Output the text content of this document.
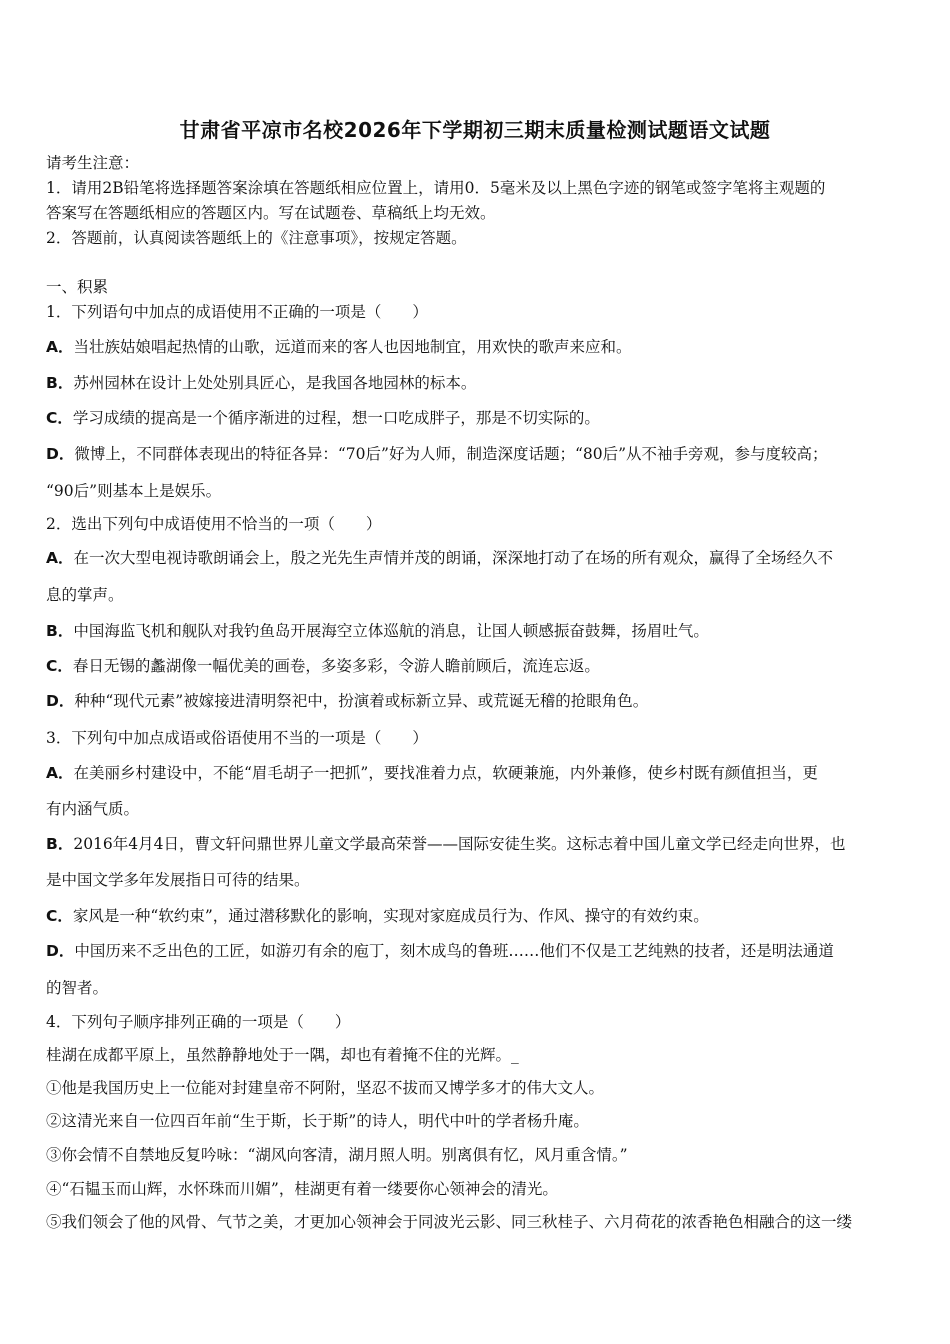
甘肃省平凉市名校2026年下学期初三期末质量检测试题语文试题
请考生注意：
1．请用2B铅笔将选择题答案涂填在答题纸相应位置上，请用0．5毫米及以上黑色字迹的钢笔或签字笔将主观题的
答案写在答题纸相应的答题区内。写在试题卷、草稿纸上均无效。
2．答题前，认真阅读答题纸上的《注意事项》，按规定答题。
一、积累
1．下列语句中加点的成语使用不正确的一项是（　　）
A．当壮族姑娘唱起热情的山歌，远道而来的客人也因地制宜，用欢快的歌声来应和。
B．苏州园林在设计上处处别具匠心，是我国各地园林的标本。
C．学习成绩的提高是一个循序渐进的过程，想一口吃成胖子，那是不切实际的。
D．微博上，不同群体表现出的特征各异：“70后”好为人师，制造深度话题；“80后”从不袖手旁观，参与度较高；
“90后”则基本上是娱乐。
2．选出下列句中成语使用不恰当的一项（　　）
A．在一次大型电视诗歌朗诵会上，殷之光先生声情并茂的朗诵，深深地打动了在场的所有观众，赢得了全场经久不
息的掌声。
B．中国海监飞机和舰队对我钓鱼岛开展海空立体巡航的消息，让国人顿感振奋鼓舞，扬眉吐气。
C．春日无锡的蠡湖像一幅优美的画卷，多姿多彩，令游人瞻前顾后，流连忘返。
D．种种“现代元素”被嫁接进清明祭祀中，扮演着或标新立异、或荒诞无稽的抢眼角色。
3．下列句中加点成语或俗语使用不当的一项是（　　）
A．在美丽乡村建设中，不能“眉毛胡子一把抓”，要找准着力点，软硬兼施，内外兼修，使乡村既有颜值担当，更
有内涵气质。
B．2016年4月4日，曹文轩问鼎世界儿童文学最高荣誉——国际安徒生奖。这标志着中国儿童文学已经走向世界，也
是中国文学多年发展指日可待的结果。
C．家风是一种“软约束”，通过潜移默化的影响，实现对家庭成员行为、作风、操守的有效约束。
D．中国历来不乏出色的工匠，如游刃有余的庖丁，刻木成鸟的鲁班……他们不仅是工艺纯熟的技者，还是明法通道
的智者。
4．下列句子顺序排列正确的一项是（　　）
桂湖在成都平原上，虽然静静地处于一隅，却也有着掩不住的光辉。_
①他是我国历史上一位能对封建皇帝不阿附，坚忍不拔而又博学多才的伟大文人。
②这清光来自一位四百年前“生于斯，长于斯”的诗人，明代中叶的学者杨升庵。
③你会情不自禁地反复吟咏：“湖风向客清，湖月照人明。别离俱有忆，风月重含情。”
④“石韫玉而山辉，水怀珠而川媚”，桂湖更有着一缕要你心领神会的清光。
⑤我们领会了他的风骨、气节之美，才更加心领神会于同波光云影、同三秋桂子、六月荷花的浓香艳色相融合的这一缕
